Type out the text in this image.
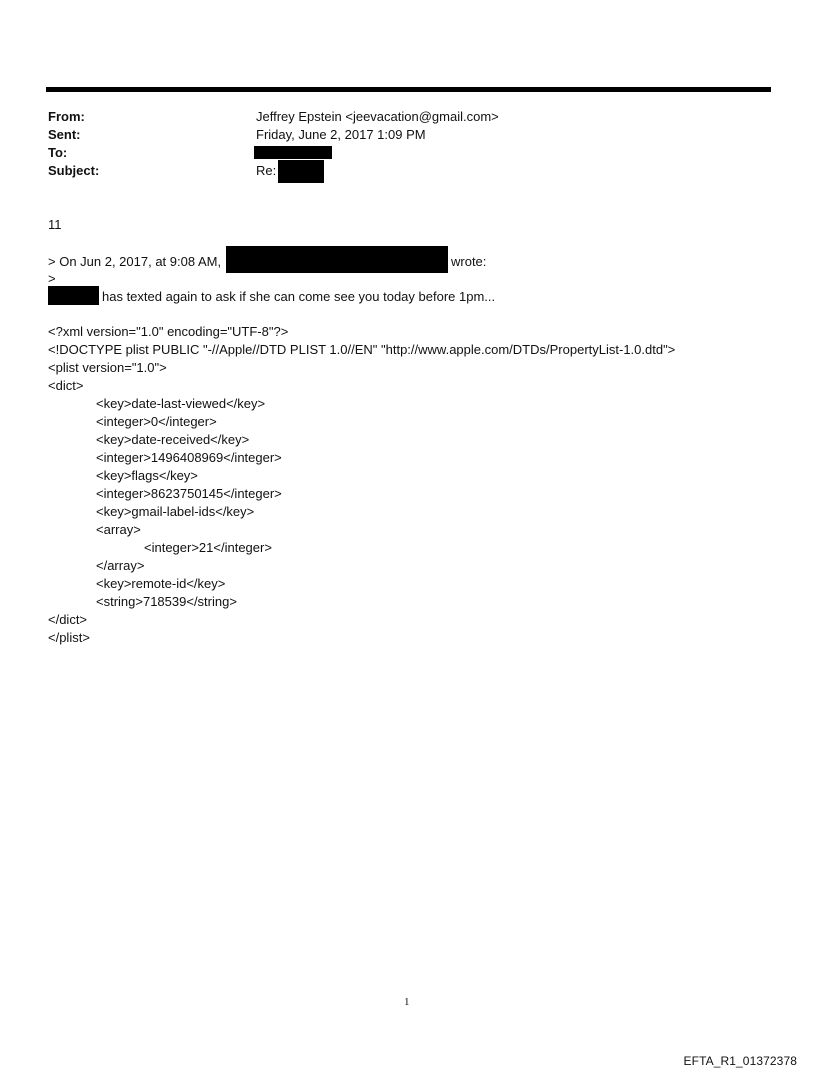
From:	Jeffrey Epstein <jeevacation@gmail.com>
Sent:	Friday, June 2, 2017 1:09 PM
To:
Subject:	Re:
11
> On Jun 2, 2017, at 9:08 AM,	wrote:
>
has texted again to ask if she can come see you today before 1pm...
<?xml version="1.0" encoding="UTF-8"?>
<!DOCTYPE plist PUBLIC "-//Apple//DTD PLIST 1.0//EN" "http://www.apple.com/DTDs/PropertyList-1.0.dtd">
<plist version="1.0">
<dict>
<key>date-last-viewed</key>
<integer>0</integer>
<key>date-received</key>
<integer>1496408969</integer>
<key>flags</key>
<integer>8623750145</integer>
<key>gmail-label-ids</key>
<array>
<integer>21</integer>
</array>
<key>remote-id</key>
<string>718539</string>
</dict>
</plist>
1
EFTA_R1_01372378
